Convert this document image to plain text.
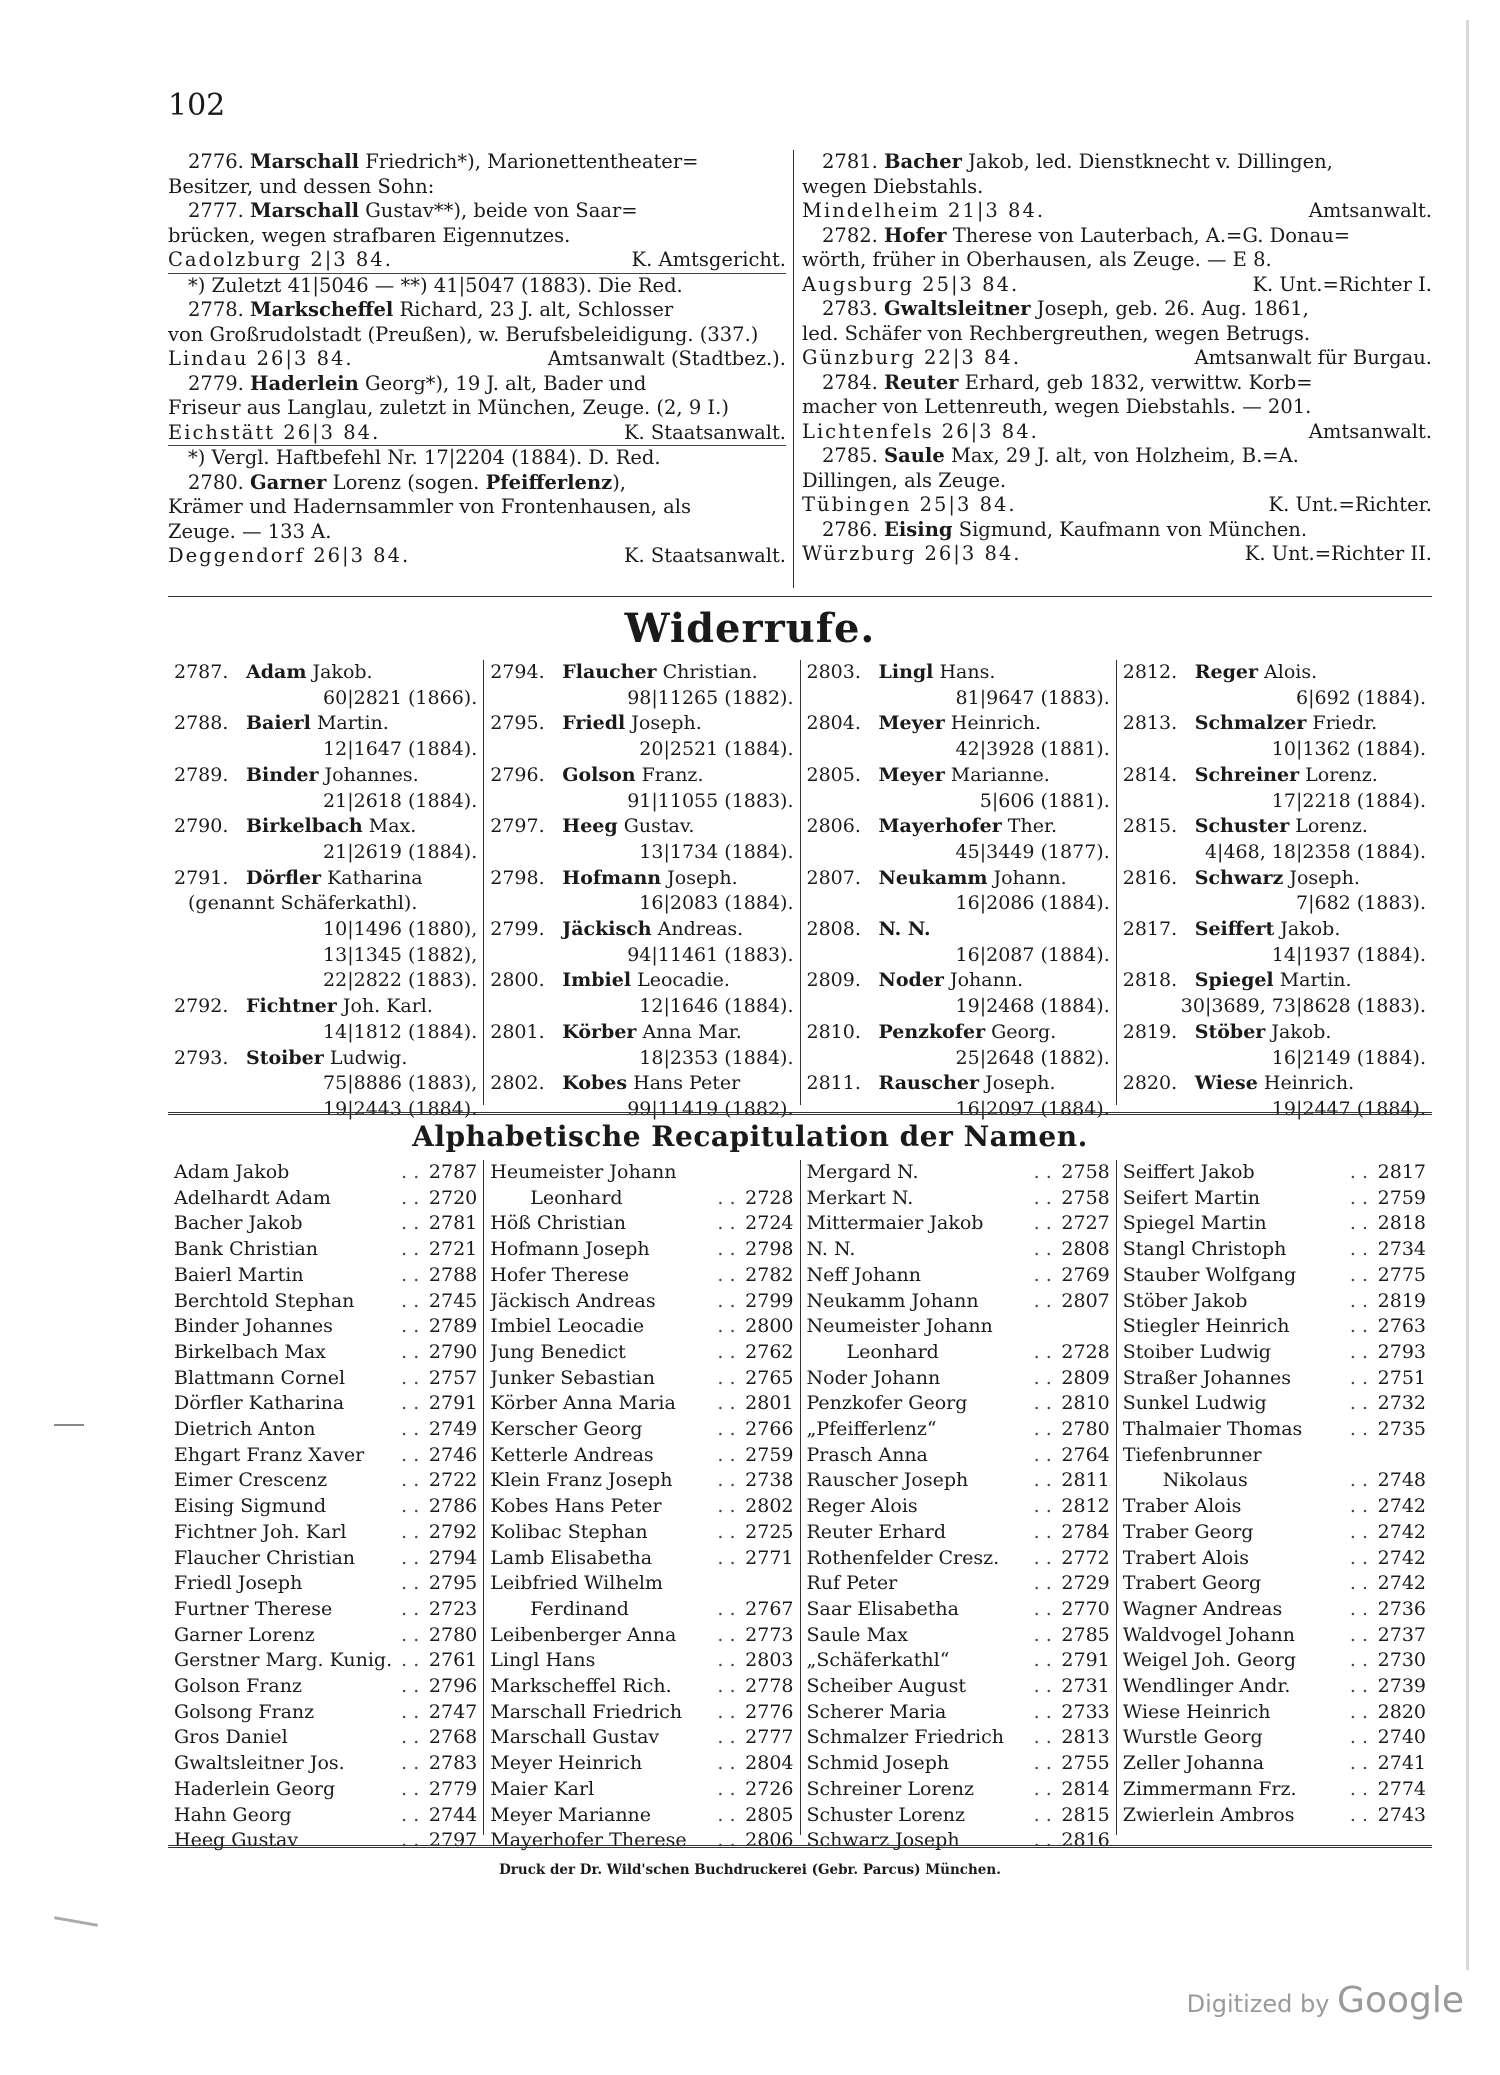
102
2776. Marschall Friedrich*), Marionettentheater=
Besitzer, und dessen Sohn:
2777. Marschall Gustav**), beide von Saar=
brücken, wegen strafbaren Eigennutzes.
Cadolzburg 2|3 84.	K. Amtsgericht.
*) Zuletzt 41|5046 — **) 41|5047 (1883). Die Red.
2778. Markscheffel Richard, 23 J. alt, Schlosser
von Großrudolstadt (Preußen), w. Berufsbeleidigung. (337.)
Lindau 26|3 84.	Amtsanwalt (Stadtbez.).
2779. Haderlein Georg*), 19 J. alt, Bader und
Friseur aus Langlau, zuletzt in München, Zeuge. (2, 9 I.)
Eichstätt 26|3 84.	K. Staatsanwalt.
*) Vergl. Haftbefehl Nr. 17|2204 (1884). D. Red.
2780. Garner Lorenz (sogen. Pfeifferlenz),
Krämer und Hadernsammler von Frontenhausen, als
Zeuge. — 133 A.
Deggendorf 26|3 84.	K. Staatsanwalt.
2781. Bacher Jakob, led. Dienstknecht v. Dillingen,
wegen Diebstahls.
Mindelheim 21|3 84.	Amtsanwalt.
2782. Hofer Therese von Lauterbach, A.=G. Donau=
wörth, früher in Oberhausen, als Zeuge. — E 8.
Augsburg 25|3 84.	K. Unt.=Richter I.
2783. Gwaltsleitner Joseph, geb. 26. Aug. 1861,
led. Schäfer von Rechbergreuthen, wegen Betrugs.
Günzburg 22|3 84.	Amtsanwalt für Burgau.
2784. Reuter Erhard, geb 1832, verwittw. Korb=
macher von Lettenreuth, wegen Diebstahls. — 201.
Lichtenfels 26|3 84.	Amtsanwalt.
2785. Saule Max, 29 J. alt, von Holzheim, B.=A.
Dillingen, als Zeuge.
Tübingen 25|3 84.	K. Unt.=Richter.
2786. Eising Sigmund, Kaufmann von München.
Würzburg 26|3 84.	K. Unt.=Richter II.
Widerrufe.
2787. Adam Jakob.
60|2821 (1866).
2788. Baierl Martin.
12|1647 (1884).
2789. Binder Johannes.
21|2618 (1884).
2790. Birkelbach Max.
21|2619 (1884).
2791. Dörfler Katharina
(genannt Schäferkathl).
10|1496 (1880),
13|1345 (1882),
22|2822 (1883).
2792. Fichtner Joh. Karl.
14|1812 (1884).
2793. Stoiber Ludwig.
75|8886 (1883),
19|2443 (1884).
2794. Flaucher Christian.
98|11265 (1882).
2795. Friedl Joseph.
20|2521 (1884).
2796. Golson Franz.
91|11055 (1883).
2797. Heeg Gustav.
13|1734 (1884).
2798. Hofmann Joseph.
16|2083 (1884).
2799. Jäckisch Andreas.
94|11461 (1883).
2800. Imbiel Leocadie.
12|1646 (1884).
2801. Körber Anna Mar.
18|2353 (1884).
2802. Kobes Hans Peter
99|11419 (1882).
2803. Lingl Hans.
81|9647 (1883).
2804. Meyer Heinrich.
42|3928 (1881).
2805. Meyer Marianne.
5|606 (1881).
2806. Mayerhofer Ther.
45|3449 (1877).
2807. Neukamm Johann.
16|2086 (1884).
2808. N. N.
16|2087 (1884).
2809. Noder Johann.
19|2468 (1884).
2810. Penzkofer Georg.
25|2648 (1882).
2811. Rauscher Joseph.
16|2097 (1884).
2812. Reger Alois.
6|692 (1884).
2813. Schmalzer Friedr.
10|1362 (1884).
2814. Schreiner Lorenz.
17|2218 (1884).
2815. Schuster Lorenz.
4|468, 18|2358 (1884).
2816. Schwarz Joseph.
7|682 (1883).
2817. Seiffert Jakob.
14|1937 (1884).
2818. Spiegel Martin.
30|3689, 73|8628 (1883).
2819. Stöber Jakob.
16|2149 (1884).
2820. Wiese Heinrich.
19|2447 (1884).
Alphabetische Recapitulation der Namen.
Adam Jakob	. . 2787
Adelhardt Adam	. . 2720
Bacher Jakob	. . 2781
Bank Christian	. . 2721
Baierl Martin	. . 2788
Berchtold Stephan	. . 2745
Binder Johannes	. . 2789
Birkelbach Max	. . 2790
Blattmann Cornel	. . 2757
Dörfler Katharina	. . 2791
Dietrich Anton	. . 2749
Ehgart Franz Xaver	. . 2746
Eimer Crescenz	. . 2722
Eising Sigmund	. . 2786
Fichtner Joh. Karl	. . 2792
Flaucher Christian	. . 2794
Friedl Joseph	. . 2795
Furtner Therese	. . 2723
Garner Lorenz	. . 2780
Gerstner Marg. Kunig. . . 2761
Golson Franz	. . 2796
Golsong Franz	. . 2747
Gros Daniel	. . 2768
Gwaltsleitner Jos.	. . 2783
Haderlein Georg	. . 2779
Hahn Georg	. . 2744
Heeg Gustav	. . 2797
Heumeister Johann
Leonhard	. . 2728
Höß Christian	. . 2724
Hofmann Joseph	. . 2798
Hofer Therese	. . 2782
Jäckisch Andreas	. . 2799
Imbiel Leocadie	. . 2800
Jung Benedict	. . 2762
Junker Sebastian	. . 2765
Körber Anna Maria	. . 2801
Kerscher Georg	. . 2766
Ketterle Andreas	. . 2759
Klein Franz Joseph	. . 2738
Kobes Hans Peter	. . 2802
Kolibac Stephan	. . 2725
Lamb Elisabetha	. . 2771
Leibfried Wilhelm
Ferdinand	. . 2767
Leibenberger Anna	. . 2773
Lingl Hans	. . 2803
Markscheffel Rich.	. . 2778
Marschall Friedrich	. . 2776
Marschall Gustav	. . 2777
Meyer Heinrich	. . 2804
Maier Karl	. . 2726
Meyer Marianne	. . 2805
Mayerhofer Therese	. . 2806
Mergard N.	. . 2758
Merkart N.	. . 2758
Mittermaier Jakob	. . 2727
N. N.	. . 2808
Neff Johann	. . 2769
Neukamm Johann	. . 2807
Neumeister Johann
Leonhard	. . 2728
Noder Johann	. . 2809
Penzkofer Georg	. . 2810
„Pfeifferlenz“	. . 2780
Prasch Anna	. . 2764
Rauscher Joseph	. . 2811
Reger Alois	. . 2812
Reuter Erhard	. . 2784
Rothenfelder Cresz.	. . 2772
Ruf Peter	. . 2729
Saar Elisabetha	. . 2770
Saule Max	. . 2785
„Schäferkathl“	. . 2791
Scheiber August	. . 2731
Scherer Maria	. . 2733
Schmalzer Friedrich	. . 2813
Schmid Joseph	. . 2755
Schreiner Lorenz	. . 2814
Schuster Lorenz	. . 2815
Schwarz Joseph	. . 2816
Seiffert Jakob	. . 2817
Seifert Martin	. . 2759
Spiegel Martin	. . 2818
Stangl Christoph	. . 2734
Stauber Wolfgang	. . 2775
Stöber Jakob	. . 2819
Stiegler Heinrich	. . 2763
Stoiber Ludwig	. . 2793
Straßer Johannes	. . 2751
Sunkel Ludwig	. . 2732
Thalmaier Thomas	. . 2735
Tiefenbrunner
Nikolaus	. . 2748
Traber Alois	. . 2742
Traber Georg	. . 2742
Trabert Alois	. . 2742
Trabert Georg	. . 2742
Wagner Andreas	. . 2736
Waldvogel Johann	. . 2737
Weigel Joh. Georg	. . 2730
Wendlinger Andr.	. . 2739
Wiese Heinrich	. . 2820
Wurstle Georg	. . 2740
Zeller Johanna	. . 2741
Zimmermann Frz.	. . 2774
Zwierlein Ambros	. . 2743
Druck der Dr. Wild'schen Buchdruckerei (Gebr. Parcus) München.
Digitized by Google
